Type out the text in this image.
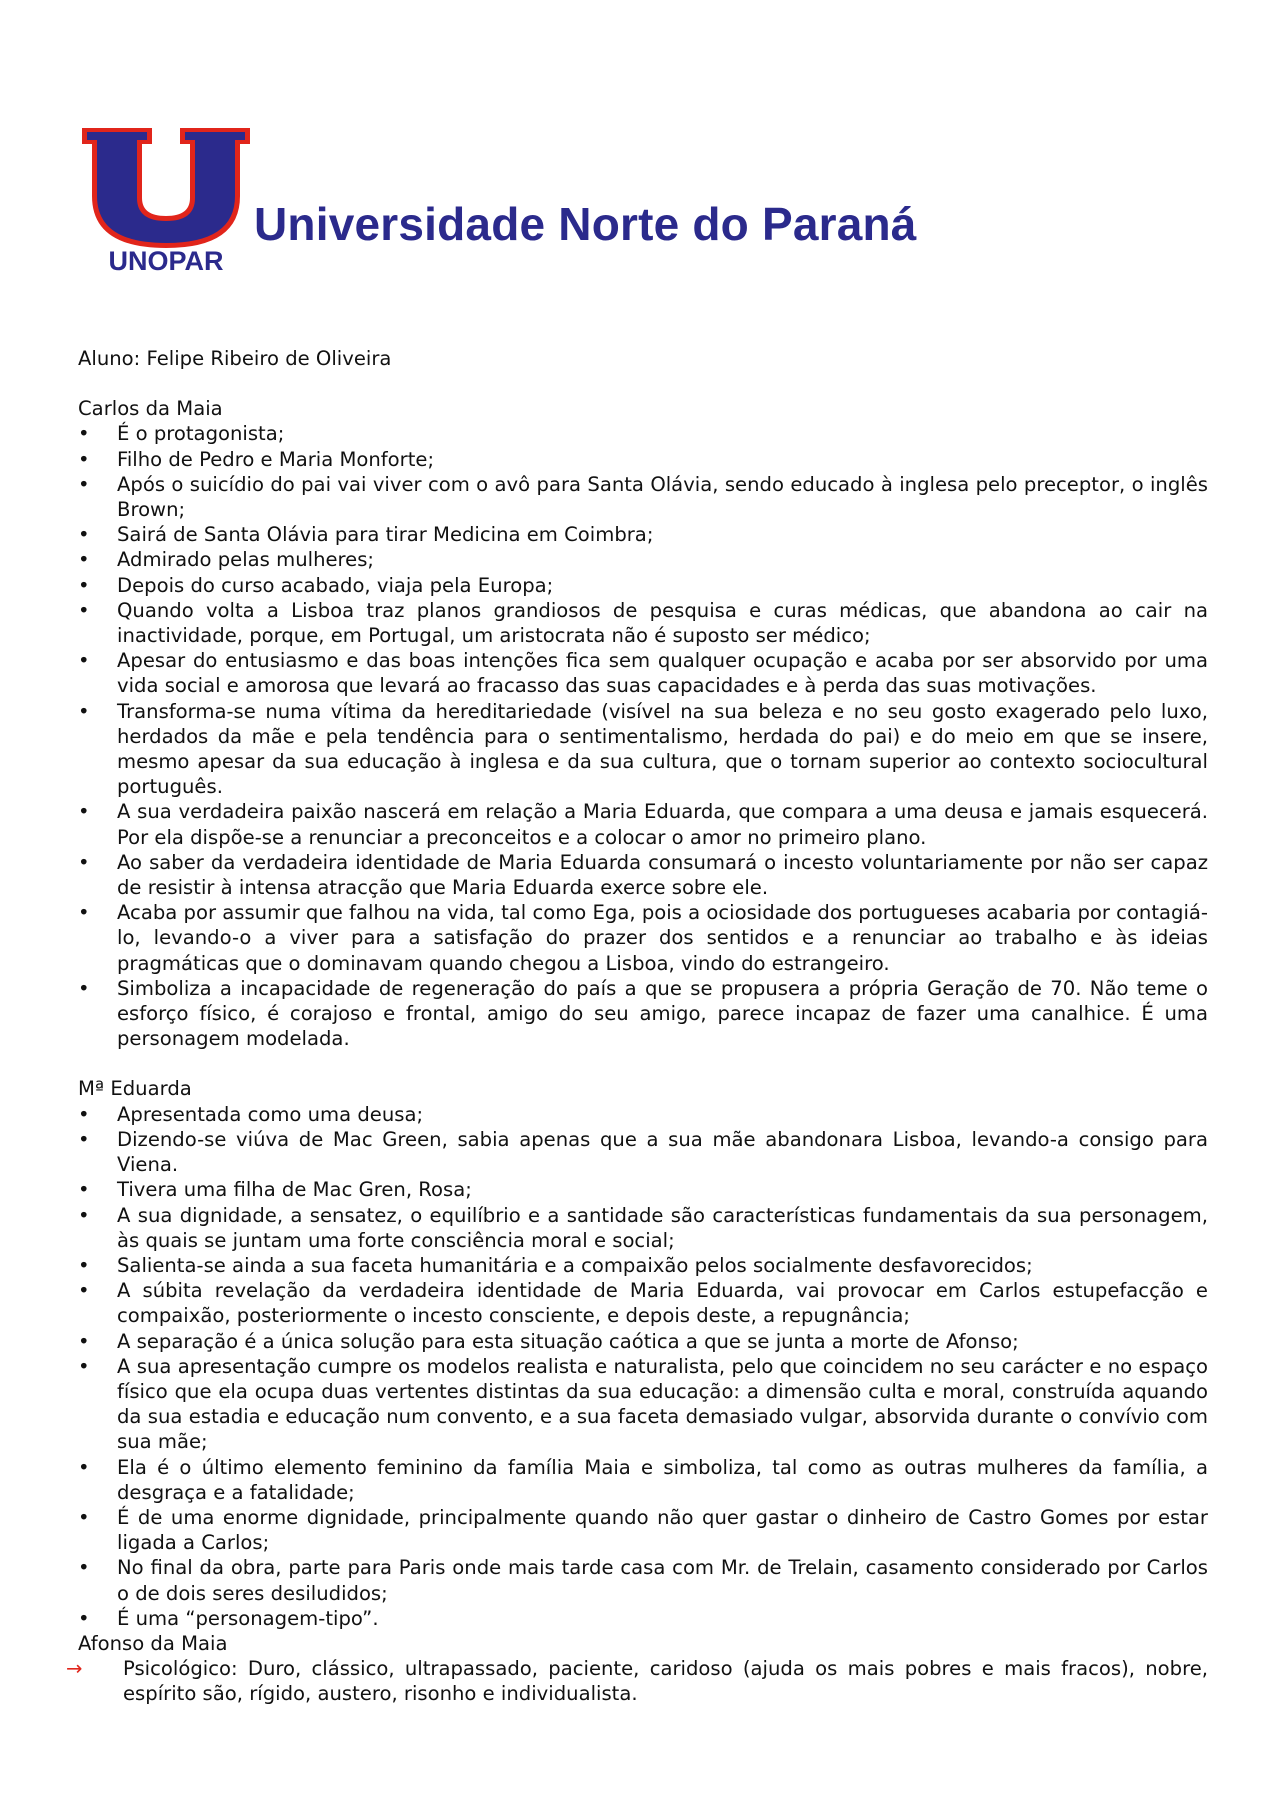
UNOPAR
Universidade Norte do Paraná

Aluno: Felipe Ribeiro de Oliveira

Carlos da Maia

• É o protagonista;
• Filho de Pedro e Maria Monforte;
• Após o suicídio do pai vai viver com o avô para Santa Olávia, sendo educado à inglesa pelo preceptor, o inglês Brown;
• Sairá de Santa Olávia para tirar Medicina em Coimbra;
• Admirado pelas mulheres;
• Depois do curso acabado, viaja pela Europa;
• Quando volta a Lisboa traz planos grandiosos de pesquisa e curas médicas, que abandona ao cair na inactividade, porque, em Portugal, um aristocrata não é suposto ser médico;
• Apesar do entusiasmo e das boas intenções fica sem qualquer ocupação e acaba por ser absorvido por uma vida social e amorosa que levará ao fracasso das suas capacidades e à perda das suas motivações.
• Transforma-se numa vítima da hereditariedade (visível na sua beleza e no seu gosto exagerado pelo luxo, herdados da mãe e pela tendência para o sentimentalismo, herdada do pai) e do meio em que se insere, mesmo apesar da sua educação à inglesa e da sua cultura, que o tornam superior ao contexto sociocultural português.
• A sua verdadeira paixão nascerá em relação a Maria Eduarda, que compara a uma deusa e jamais esquecerá. Por ela dispõe-se a renunciar a preconceitos e a colocar o amor no primeiro plano.
• Ao saber da verdadeira identidade de Maria Eduarda consumará o incesto voluntariamente por não ser capaz de resistir à intensa atracção que Maria Eduarda exerce sobre ele.
• Acaba por assumir que falhou na vida, tal como Ega, pois a ociosidade dos portugueses acabaria por contagiá-lo, levando-o a viver para a satisfação do prazer dos sentidos e a renunciar ao trabalho e às ideias pragmáticas que o dominavam quando chegou a Lisboa, vindo do estrangeiro.
• Simboliza a incapacidade de regeneração do país a que se propusera a própria Geração de 70. Não teme o esforço físico, é corajoso e frontal, amigo do seu amigo, parece incapaz de fazer uma canalhice. É uma personagem modelada.

Mª Eduarda

• Apresentada como uma deusa;
• Dizendo-se viúva de Mac Green, sabia apenas que a sua mãe abandonara Lisboa, levando-a consigo para Viena.
• Tivera uma filha de Mac Gren, Rosa;
• A sua dignidade, a sensatez, o equilíbrio e a santidade são características fundamentais da sua personagem, às quais se juntam uma forte consciência moral e social;
• Salienta-se ainda a sua faceta humanitária e a compaixão pelos socialmente desfavorecidos;
• A súbita revelação da verdadeira identidade de Maria Eduarda, vai provocar em Carlos estupefacção e compaixão, posteriormente o incesto consciente, e depois deste, a repugnância;
• A separação é a única solução para esta situação caótica a que se junta a morte de Afonso;
• A sua apresentação cumpre os modelos realista e naturalista, pelo que coincidem no seu carácter e no espaço físico que ela ocupa duas vertentes distintas da sua educação: a dimensão culta e moral, construída aquando da sua estadia e educação num convento, e a sua faceta demasiado vulgar, absorvida durante o convívio com sua mãe;
• Ela é o último elemento feminino da família Maia e simboliza, tal como as outras mulheres da família, a desgraça e a fatalidade;
• É de uma enorme dignidade, principalmente quando não quer gastar o dinheiro de Castro Gomes por estar ligada a Carlos;
• No final da obra, parte para Paris onde mais tarde casa com Mr. de Trelain, casamento considerado por Carlos o de dois seres desiludidos;
• É uma “personagem-tipo”.

Afonso da Maia

→ Psicológico: Duro, clássico, ultrapassado, paciente, caridoso (ajuda os mais pobres e mais fracos), nobre, espírito são, rígido, austero, risonho e individualista.
